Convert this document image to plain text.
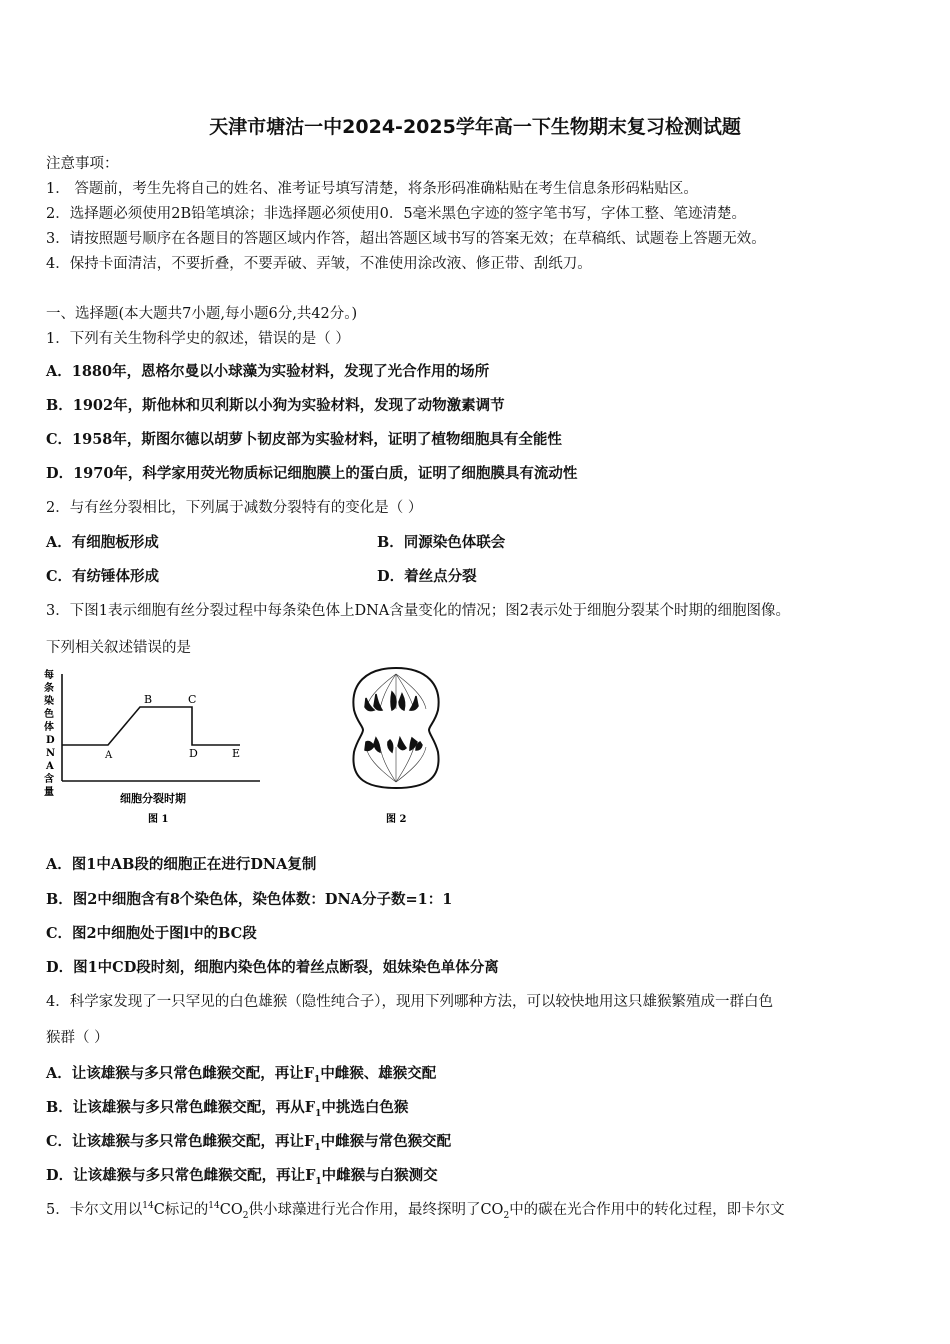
天津市塘沽一中2024-2025学年高一下生物期末复习检测试题
注意事项：
1． 答题前，考生先将自己的姓名、准考证号填写清楚，将条形码准确粘贴在考生信息条形码粘贴区。
2．选择题必须使用2B铅笔填涂；非选择题必须使用0．5毫米黑色字迹的签字笔书写，字体工整、笔迹清楚。
3．请按照题号顺序在各题目的答题区域内作答，超出答题区域书写的答案无效；在草稿纸、试题卷上答题无效。
4．保持卡面清洁，不要折叠，不要弄破、弄皱，不准使用涂改液、修正带、刮纸刀。
一、选择题(本大题共7小题,每小题6分,共42分。)
1．下列有关生物科学史的叙述，错误的是（ ）
A．1880年，恩格尔曼以小球藻为实验材料，发现了光合作用的场所
B．1902年，斯他林和贝利斯以小狗为实验材料，发现了动物激素调节
C．1958年，斯图尔德以胡萝卜韧皮部为实验材料，证明了植物细胞具有全能性
D．1970年，科学家用荧光物质标记细胞膜上的蛋白质，证明了细胞膜具有流动性
2．与有丝分裂相比，下列属于减数分裂特有的变化是（ ）
A．有细胞板形成	B．同源染色体联会
C．有纺锤体形成	D．着丝点分裂
3．下图1表示细胞有丝分裂过程中每条染色体上DNA含量变化的情况；图2表示处于细胞分裂某个时期的细胞图像。
下列相关叙述错误的是
每
条
染
色
体
D
N
A
含
量
A
B	C
D	E
细胞分裂时期
图 1	图 2
A．图1中AB段的细胞正在进行DNA复制
B．图2中细胞含有8个染色体，染色体数：DNA分子数=1：1
C．图2中细胞处于图l中的BC段
D．图1中CD段时刻，细胞内染色体的着丝点断裂，姐妹染色单体分离
4．科学家发现了一只罕见的白色雄猴（隐性纯合子），现用下列哪种方法，可以较快地用这只雄猴繁殖成一群白色
猴群（ ）
A．让该雄猴与多只常色雌猴交配，再让$F_1$中雌猴、雄猴交配
B．让该雄猴与多只常色雌猴交配，再从$F_1$中挑选白色猴
C．让该雄猴与多只常色雌猴交配，再让$F_1$中雌猴与常色猴交配
D．让该雄猴与多只常色雌猴交配，再让$F_1$中雌猴与白猴测交
5．卡尔文用以$^{14}$C标记的$^{14}CO_2$供小球藻进行光合作用，最终探明了$CO_2$中的碳在光合作用中的转化过程，即卡尔文
